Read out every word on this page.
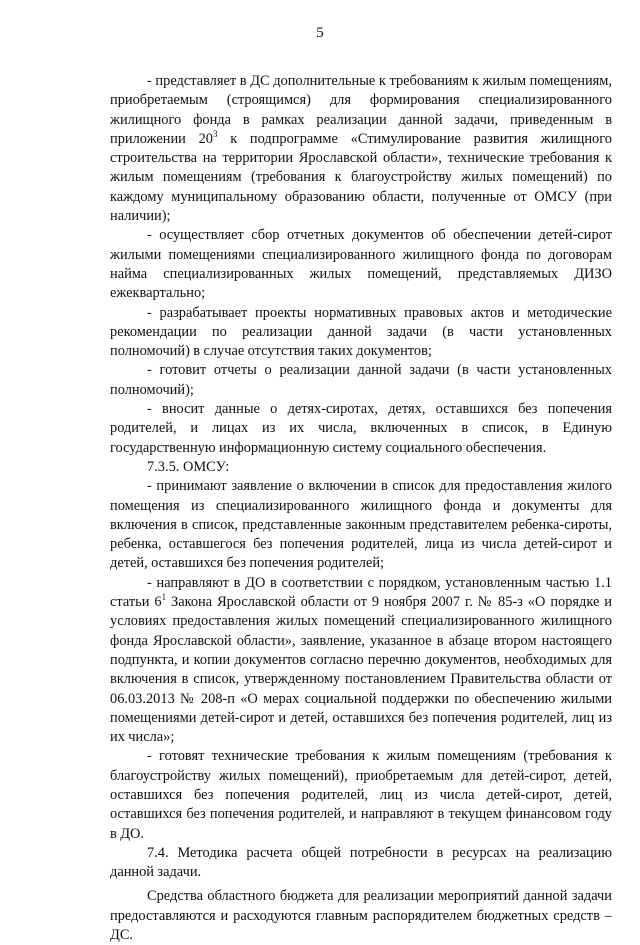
5

- представляет в ДС дополнительные к требованиям к жилым помещениям, приобретаемым (строящимся) для формирования специализированного жилищного фонда в рамках реализации данной задачи, приведенным в приложении $20^3$ к подпрограмме «Стимулирование развития жилищного строительства на территории Ярославской области», технические требования к жилым помещениям (требования к благоустройству жилых помещений) по каждому муниципальному образованию области, полученные от ОМСУ (при наличии);

- осуществляет сбор отчетных документов об обеспечении детей-сирот жилыми помещениями специализированного жилищного фонда по договорам найма специализированных жилых помещений, представляемых ДИЗО ежеквартально;

- разрабатывает проекты нормативных правовых актов и методические рекомендации по реализации данной задачи (в части установленных полномочий) в случае отсутствия таких документов;

- готовит отчеты о реализации данной задачи (в части установленных полномочий);

- вносит данные о детях-сиротах, детях, оставшихся без попечения родителей, и лицах из их числа, включенных в список, в Единую государственную информационную систему социального обеспечения.

7.3.5. ОМСУ:

- принимают заявление о включении в список для предоставления жилого помещения из специализированного жилищного фонда и документы для включения в список, представленные законным представителем ребенка-сироты, ребенка, оставшегося без попечения родителей, лица из числа детей-сирот и детей, оставшихся без попечения родителей;

- направляют в ДО в соответствии с порядком, установленным частью 1.1 статьи $6^1$ Закона Ярославской области от 9 ноября 2007 г. № 85-з «О порядке и условиях предоставления жилых помещений специализированного жилищного фонда Ярославской области», заявление, указанное в абзаце втором настоящего подпункта, и копии документов согласно перечню документов, необходимых для включения в список, утвержденному постановлением Правительства области от 06.03.2013 № 208-п «О мерах социальной поддержки по обеспечению жилыми помещениями детей-сирот и детей, оставшихся без попечения родителей, лиц из их числа»;

- готовят технические требования к жилым помещениям (требования к благоустройству жилых помещений), приобретаемым для детей-сирот, детей, оставшихся без попечения родителей, лиц из числа детей-сирот, детей, оставшихся без попечения родителей, и направляют в текущем финансовом году в ДО.

7.4. Методика расчета общей потребности в ресурсах на реализацию данной задачи.

Средства областного бюджета для реализации мероприятий данной задачи предоставляются и расходуются главным распорядителем бюджетных средств – ДС.
